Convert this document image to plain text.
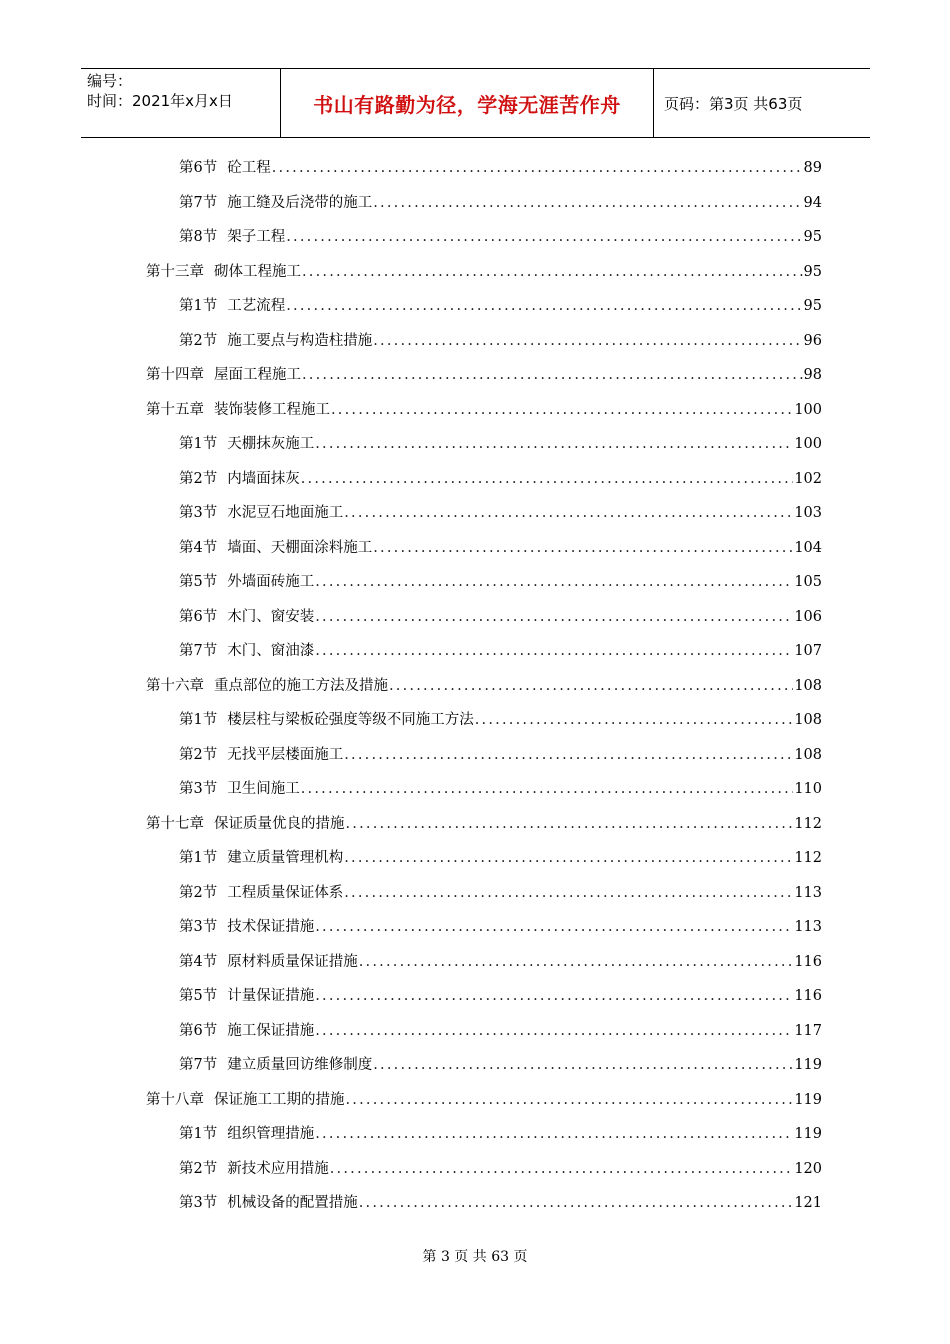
编号：
时间：2021年x月x日	书山有路勤为径，学海无涯苦作舟	页码：第3页 共63页
第6节 砼工程 .....	89
第7节 施工缝及后浇带的施工 .....	94
第8节 架子工程 .....	95
第十三章 砌体工程施工 .....	95
第1节 工艺流程 .....	95
第2节 施工要点与构造柱措施 .....	96
第十四章 屋面工程施工 .....	98
第十五章 装饰装修工程施工 .....	100
第1节 天棚抹灰施工 .....	100
第2节 内墙面抹灰 .....	102
第3节 水泥豆石地面施工 .....	103
第4节 墙面、天棚面涂料施工 .....	104
第5节 外墙面砖施工 .....	105
第6节 木门、窗安装 .....	106
第7节 木门、窗油漆 .....	107
第十六章 重点部位的施工方法及措施 .....	108
第1节 楼层柱与梁板砼强度等级不同施工方法 .....	108
第2节 无找平层楼面施工 .....	108
第3节 卫生间施工 .....	110
第十七章 保证质量优良的措施 .....	112
第1节 建立质量管理机构 .....	112
第2节 工程质量保证体系 .....	113
第3节 技术保证措施 .....	113
第4节 原材料质量保证措施 .....	116
第5节 计量保证措施 .....	116
第6节 施工保证措施 .....	117
第7节 建立质量回访维修制度 .....	119
第十八章 保证施工工期的措施 .....	119
第1节 组织管理措施 .....	119
第2节 新技术应用措施 .....	120
第3节 机械设备的配置措施 .....	121
第 3 页 共 63 页
